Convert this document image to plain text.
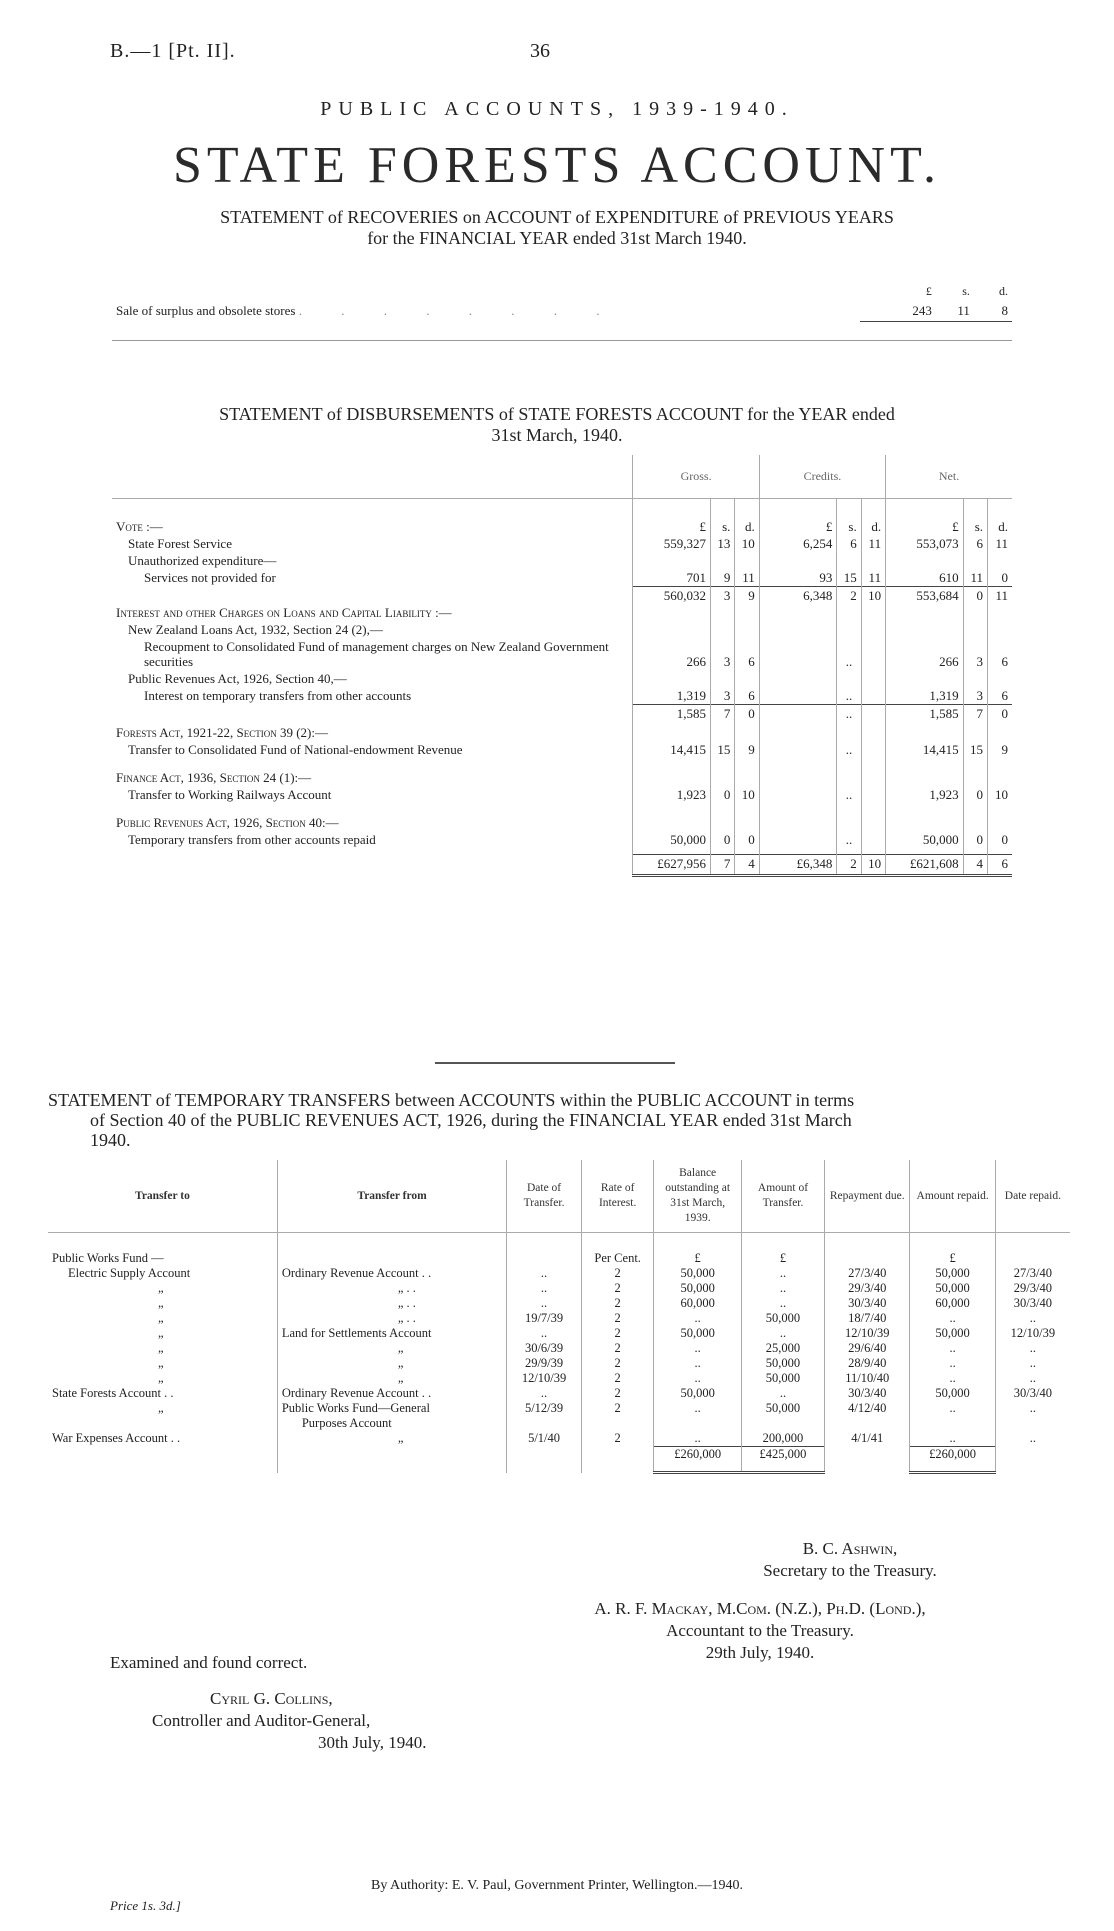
B.—1 [Pt. II].	36
PUBLIC ACCOUNTS, 1939-1940.
STATE FORESTS ACCOUNT.
STATEMENT of RECOVERIES on ACCOUNT of EXPENDITURE of PREVIOUS YEARS
for the FINANCIAL YEAR ended 31st March 1940.
	£	s.	d.
Sale of surplus and obsolete stores . . . . . . . .	243	11	8
STATEMENT of DISBURSEMENTS of STATE FORESTS ACCOUNT for the YEAR ended
31st March, 1940.
	Gross.			Credits.			Net.		
Vote :—	£	s.	d.	£	s.	d.	£	s.	d.
State Forest Service	559,327	13	10	6,254	6	11	553,073	6	11
Unauthorized expenditure—									
Services not provided for	701	9	11	93	15	11	610	11	0
	560,032	3	9	6,348	2	10	553,684	0	11
Interest and other Charges on Loans and Capital Liability :—									
New Zealand Loans Act, 1932, Section 24 (2),—									
Recoupment to Consolidated Fund of management charges on New Zealand Government securities	266	3	6		..		266	3	6
Public Revenues Act, 1926, Section 40,—									
Interest on temporary transfers from other accounts	1,319	3	6		..		1,319	3	6
	1,585	7	0		..		1,585	7	0
Forests Act, 1921-22, Section 39 (2):—									
Transfer to Consolidated Fund of National-endowment Revenue	14,415	15	9		..		14,415	15	9
Finance Act, 1936, Section 24 (1):—									
Transfer to Working Railways Account	1,923	0	10		..		1,923	0	10
Public Revenues Act, 1926, Section 40:—									
Temporary transfers from other accounts repaid	50,000	0	0		..		50,000	0	0
	£627,956	7	4	£6,348	2	10	£621,608	4	6
STATEMENT of TEMPORARY TRANSFERS between ACCOUNTS within the PUBLIC ACCOUNT in terms
of Section 40 of the PUBLIC REVENUES ACT, 1926, during the FINANCIAL YEAR ended 31st March
1940.
Transfer to	Transfer from	Date of Transfer.	Rate of Interest.	Balance outstanding at 31st March, 1939.	Amount of Transfer.	Repayment due.	Amount repaid.	Date repaid.
Public Works Fund —			Per Cent.	£	£		£	
Electric Supply Account	Ordinary Revenue Account . .	..	2	50,000	..	27/3/40	50,000	27/3/40
„	„ . .	..	2	50,000	..	29/3/40	50,000	29/3/40
„	„ . .	..	2	60,000	..	30/3/40	60,000	30/3/40
„	„ . .	19/7/39	2	..	50,000	18/7/40	..	..
„	Land for Settlements Account	..	2	50,000	..	12/10/39	50,000	12/10/39
„	„	30/6/39	2	..	25,000	29/6/40	..	..
„	„	29/9/39	2	..	50,000	28/9/40	..	..
„	„	12/10/39	2	..	50,000	11/10/40	..	..
State Forests Account . .	Ordinary Revenue Account . .	..	2	50,000	..	30/3/40	50,000	30/3/40
„	Public Works Fund—General	5/12/39	2	..	50,000	4/12/40	..	..
	Purposes Account							
War Expenses Account . .	„	5/1/40	2	..	200,000	4/1/41	..	..
				£260,000	£425,000		£260,000	
B. C. Ashwin,
Secretary to the Treasury.
A. R. F. Mackay, M.Com. (N.Z.), Ph.D. (Lond.),
Accountant to the Treasury.
29th July, 1940.
Examined and found correct.
Cyril G. Collins,
Controller and Auditor-General,
30th July, 1940.
By Authority: E. V. Paul, Government Printer, Wellington.—1940.
Price 1s. 3d.]
